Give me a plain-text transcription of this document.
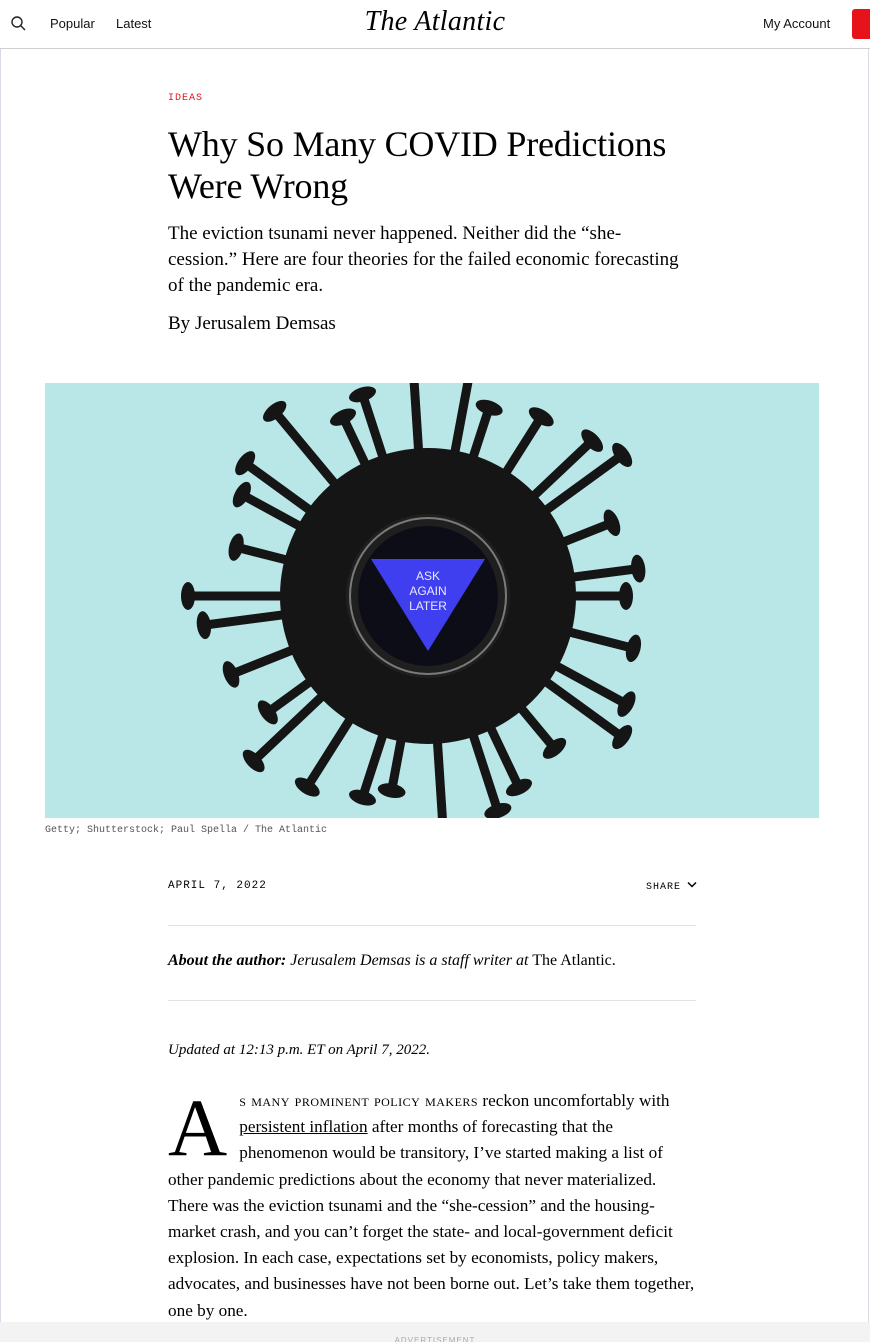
Popular Latest	The Atlantic	My Account
IDEAS
Why So Many COVID Predictions Were Wrong

The eviction tsunami never happened. Neither did the “she-cession.” Here are four theories for the failed economic forecasting of the pandemic era.

By Jerusalem Demsas

ASK
AGAIN
LATER
Getty; Shutterstock; Paul Spella / The Atlantic
APRIL 7, 2022	SHARE

About the author: Jerusalem Demsas is a staff writer at The Atlantic.

Updated at 12:13 p.m. ET on April 7, 2022.

A s many prominent policy makers reckon uncomfortably with persistent inflation after months of forecasting that the phenomenon would be transitory, I’ve started making a list of other pandemic predictions about the economy that never materialized. There was the eviction tsunami and the “she-cession” and the housing-market crash, and you can’t forget the state- and local-government deficit explosion. In each case, expectations set by economists, policy makers, advocates, and businesses have not been borne out. Let’s take them together, one by one.
ADVERTISEMENT
